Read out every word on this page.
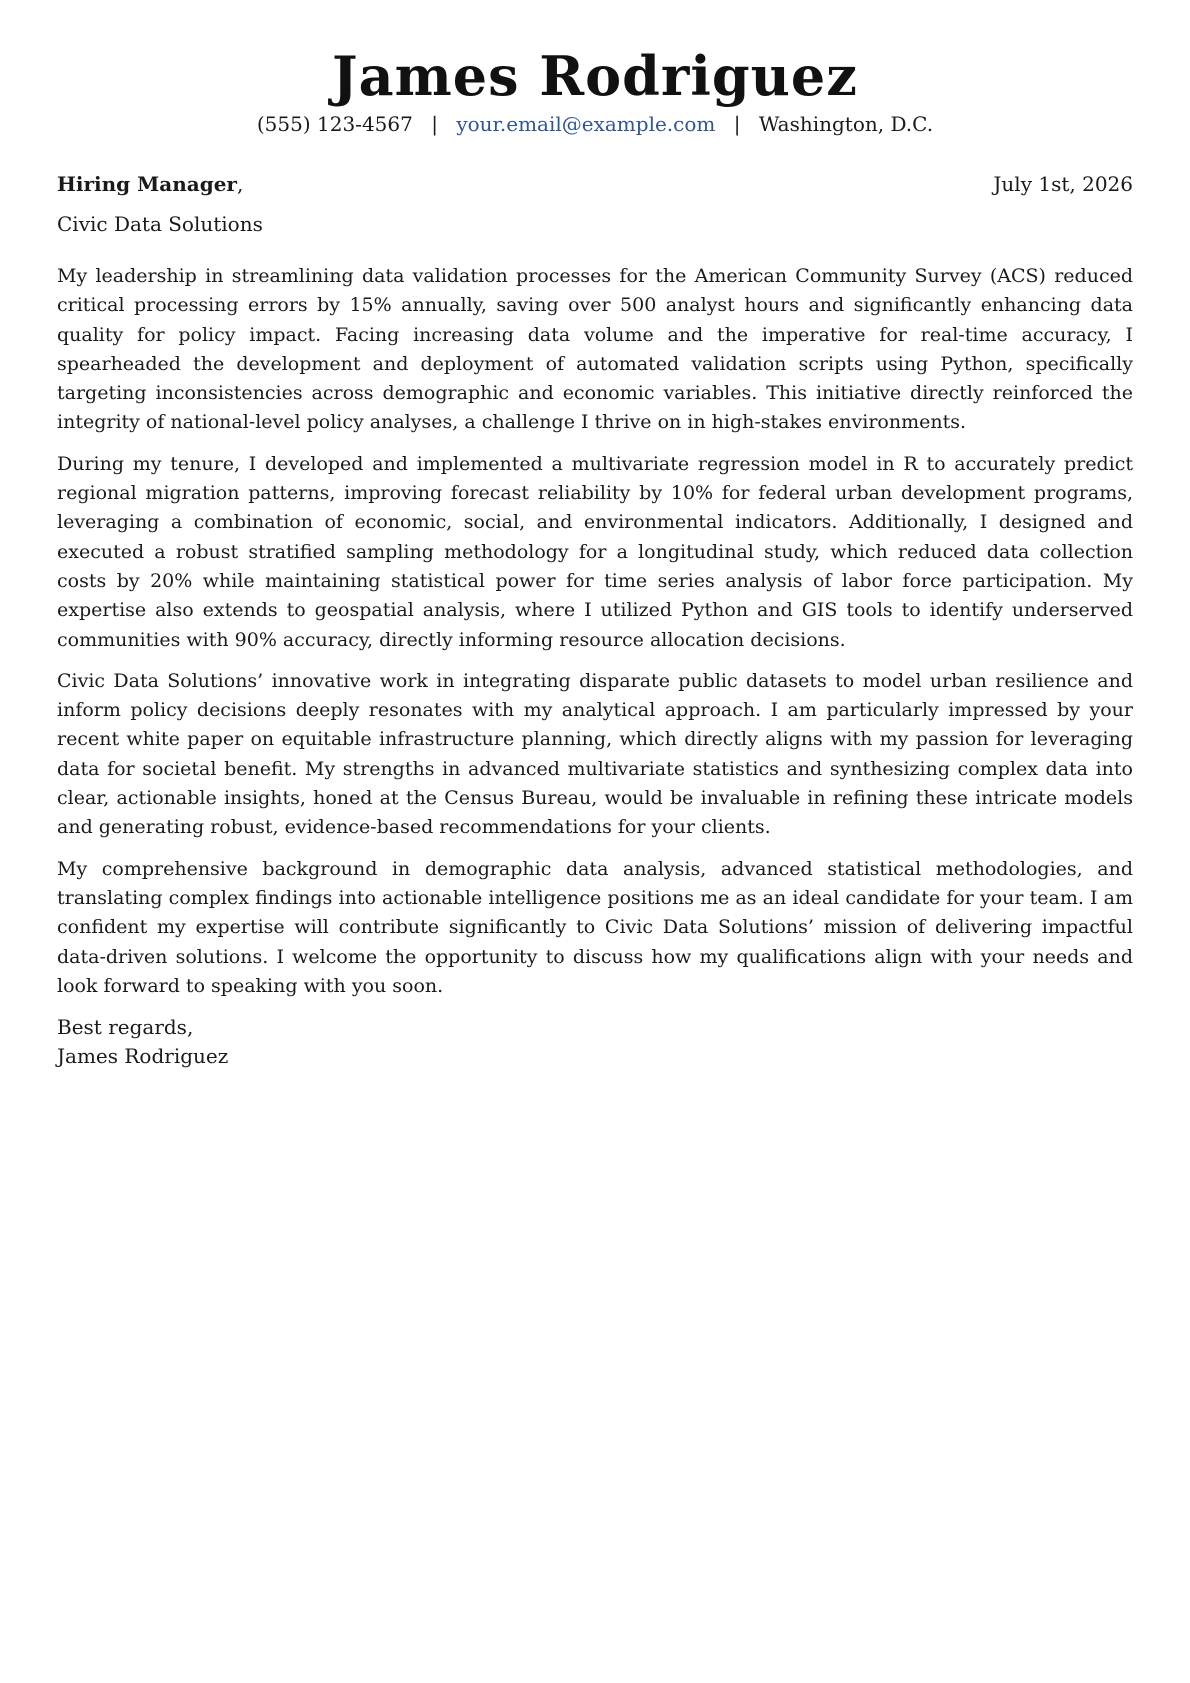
James Rodriguez
(555) 123-4567 | your.email@example.com | Washington, D.C.
Hiring Manager,	July 1st, 2026
Civic Data Solutions

My leadership in streamlining data validation processes for the American Community Survey (ACS) reduced critical processing errors by 15% annually, saving over 500 analyst hours and significantly enhancing data quality for policy impact. Facing increasing data volume and the imperative for real-time accuracy, I spearheaded the development and deployment of automated validation scripts using Python, specifically targeting inconsistencies across demographic and economic variables. This initiative directly reinforced the integrity of national-level policy analyses, a challenge I thrive on in high-stakes environments.

During my tenure, I developed and implemented a multivariate regression model in R to accurately predict regional migration patterns, improving forecast reliability by 10% for federal urban development programs, leveraging a combination of economic, social, and environmental indicators. Additionally, I designed and executed a robust stratified sampling methodology for a longitudinal study, which reduced data collection costs by 20% while maintaining statistical power for time series analysis of labor force participation. My expertise also extends to geospatial analysis, where I utilized Python and GIS tools to identify underserved communities with 90% accuracy, directly informing resource allocation decisions.

Civic Data Solutions’ innovative work in integrating disparate public datasets to model urban resilience and inform policy decisions deeply resonates with my analytical approach. I am particularly impressed by your recent white paper on equitable infrastructure planning, which directly aligns with my passion for leveraging data for societal benefit. My strengths in advanced multivariate statistics and synthesizing complex data into clear, actionable insights, honed at the Census Bureau, would be invaluable in refining these intricate models and generating robust, evidence-based recommendations for your clients.

My comprehensive background in demographic data analysis, advanced statistical methodologies, and translating complex findings into actionable intelligence positions me as an ideal candidate for your team. I am confident my expertise will contribute significantly to Civic Data Solutions’ mission of delivering impactful data-driven solutions. I welcome the opportunity to discuss how my qualifications align with your needs and look forward to speaking with you soon.

Best regards,
James Rodriguez
